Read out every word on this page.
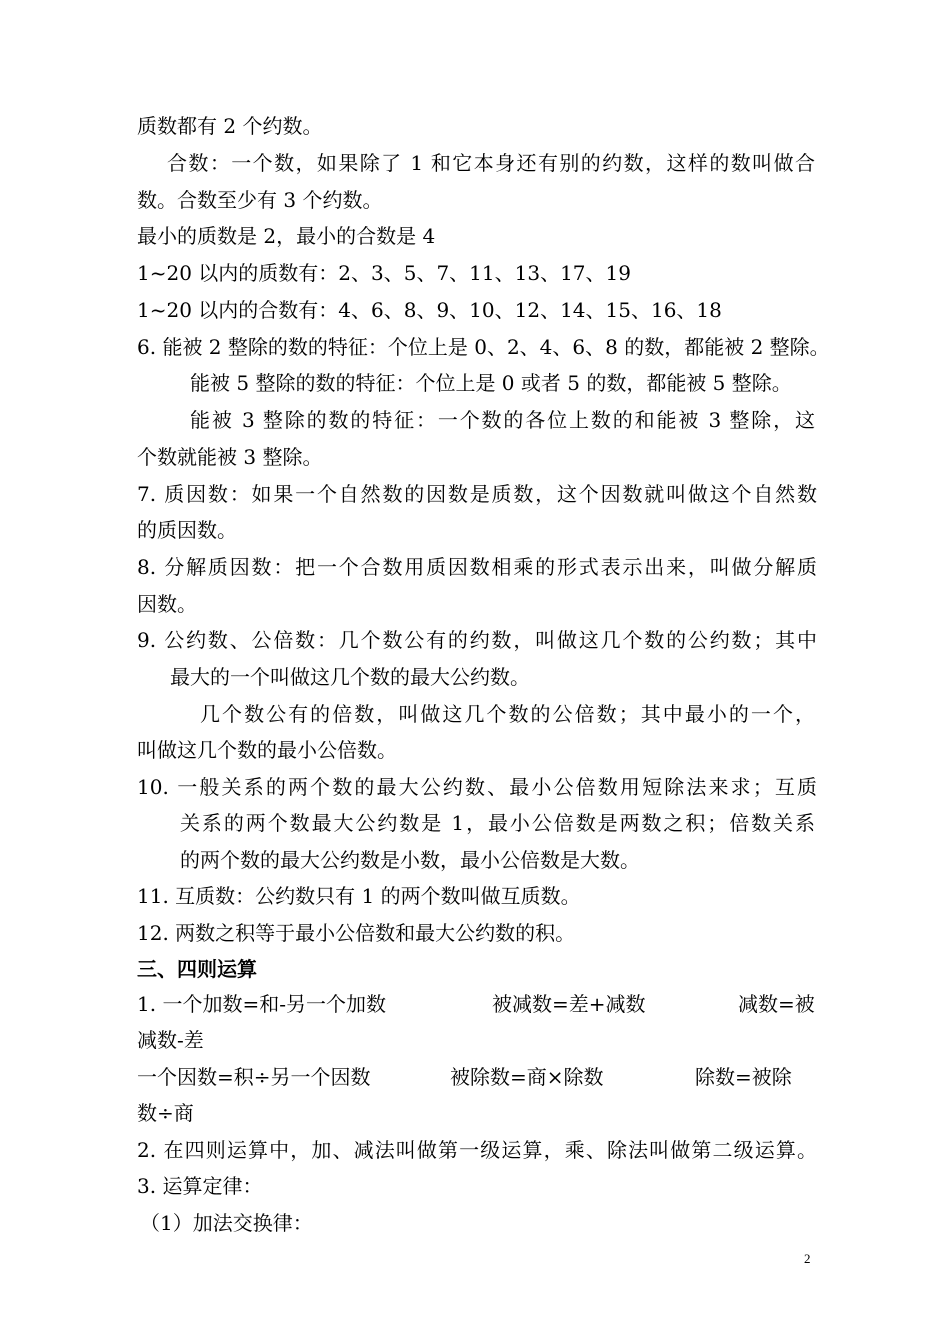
质数都有 2 个约数。
合数：一个数，如果除了 1 和它本身还有别的约数，这样的数叫做合
数。合数至少有 3 个约数。
最小的质数是 2，最小的合数是 4
1~20 以内的质数有：2、3、5、7、11、13、17、19
1~20 以内的合数有：4、6、8、9、10、12、14、15、16、18
6. 能被 2 整除的数的特征：个位上是 0、2、4、6、8 的数，都能被 2 整除。
能被 5 整除的数的特征：个位上是 0 或者 5 的数，都能被 5 整除。
能被 3 整除的数的特征：一个数的各位上数的和能被 3 整除，这
个数就能被 3 整除。
7. 质因数：如果一个自然数的因数是质数，这个因数就叫做这个自然数
的质因数。
8. 分解质因数：把一个合数用质因数相乘的形式表示出来，叫做分解质
因数。
9. 公约数、公倍数：几个数公有的约数，叫做这几个数的公约数；其中
最大的一个叫做这几个数的最大公约数。
几个数公有的倍数，叫做这几个数的公倍数；其中最小的一个，
叫做这几个数的最小公倍数。
10. 一般关系的两个数的最大公约数、最小公倍数用短除法来求；互质
关系的两个数最大公约数是 1，最小公倍数是两数之积；倍数关系
的两个数的最大公约数是小数，最小公倍数是大数。
11. 互质数：公约数只有 1 的两个数叫做互质数。
12. 两数之积等于最小公倍数和最大公约数的积。
三、四则运算
1. 一个加数=和-另一个加数	被减数=差+减数	减数=被
减数-差
一个因数=积÷另一个因数	被除数=商×除数	除数=被除
数÷商
2. 在四则运算中，加、减法叫做第一级运算，乘、除法叫做第二级运算。
3. 运算定律：
（1）加法交换律：
2
